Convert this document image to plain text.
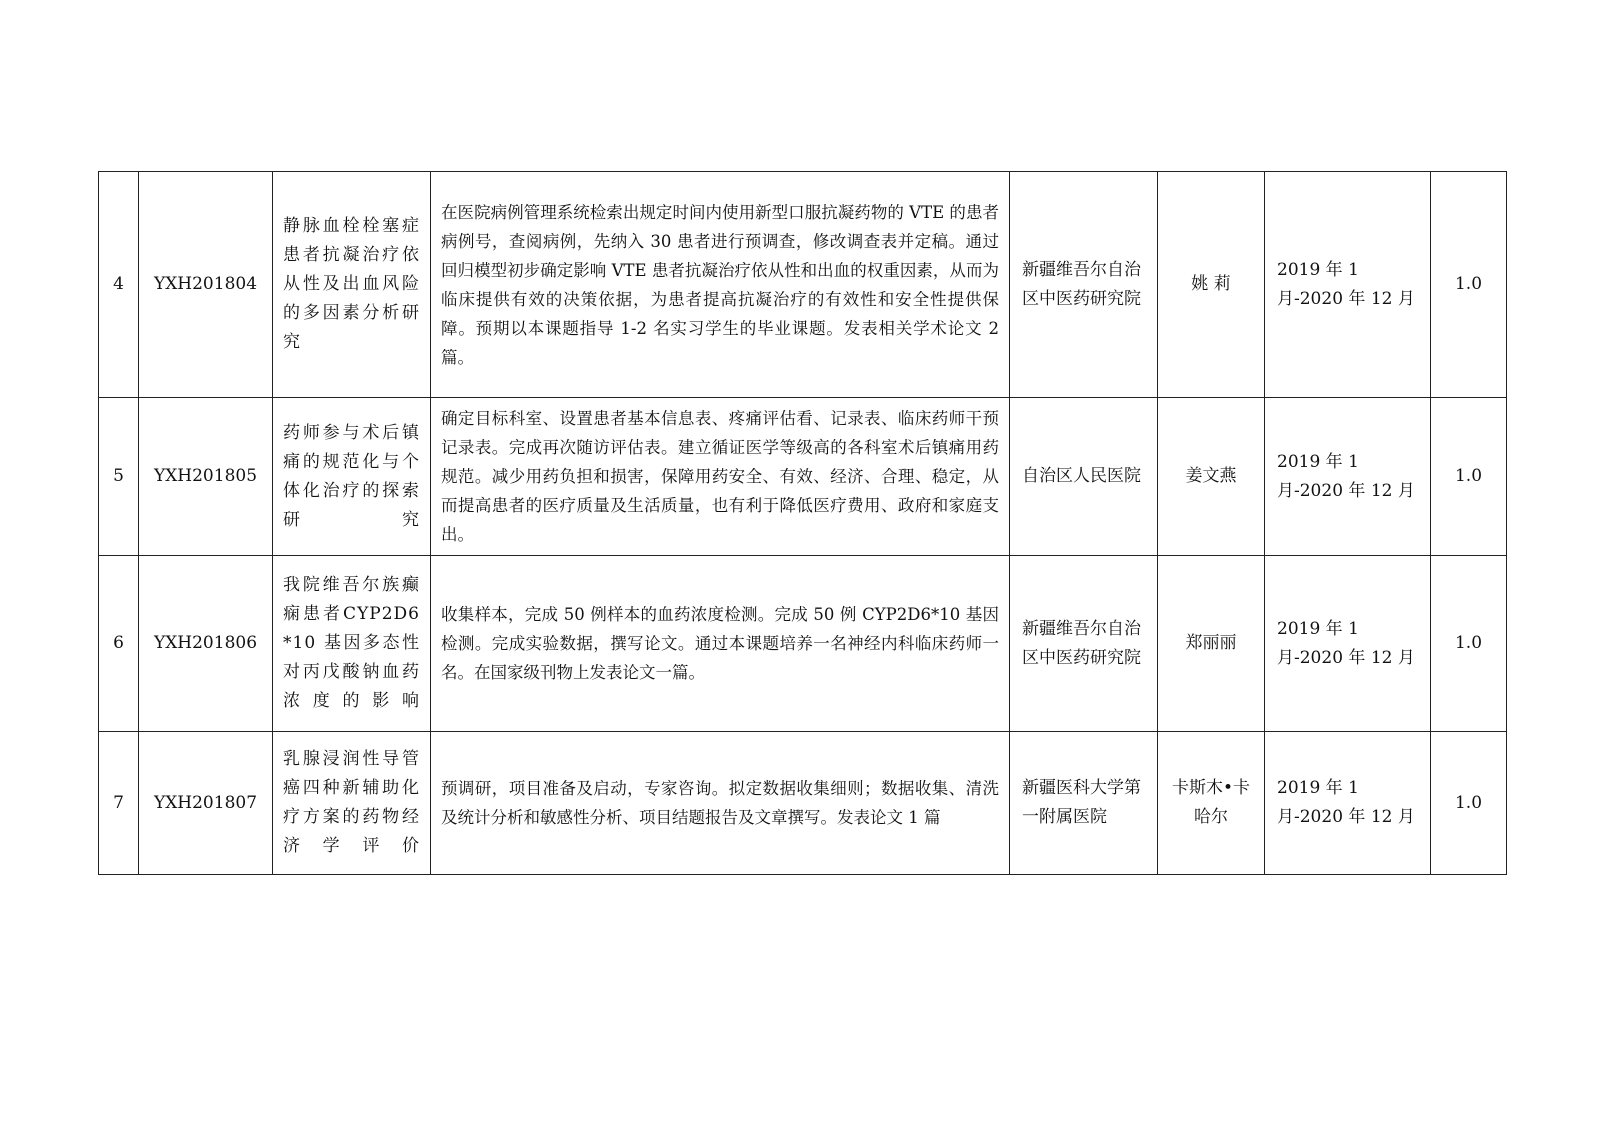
4	YXH201804	静脉血栓栓塞症患者抗凝治疗依从性及出血风险的多因素分析研究	在医院病例管理系统检索出规定时间内使用新型口服抗凝药物的 VTE 的患者病例号，查阅病例，先纳入 30 患者进行预调查，修改调查表并定稿。通过回归模型初步确定影响 VTE 患者抗凝治疗依从性和出血的权重因素，从而为临床提供有效的决策依据，为患者提高抗凝治疗的有效性和安全性提供保障。预期以本课题指导 1-2 名实习学生的毕业课题。发表相关学术论文 2 篇。	新疆维吾尔自治区中医药研究院	姚 莉	2019 年 1 月-2020 年 12 月	1.0
5	YXH201805	药师参与术后镇痛的规范化与个体化治疗的探索研究	确定目标科室、设置患者基本信息表、疼痛评估看、记录表、临床药师干预记录表。完成再次随访评估表。建立循证医学等级高的各科室术后镇痛用药规范。减少用药负担和损害，保障用药安全、有效、经济、合理、稳定，从而提高患者的医疗质量及生活质量，也有利于降低医疗费用、政府和家庭支出。	自治区人民医院	姜文燕	2019 年 1 月-2020 年 12 月	1.0
6	YXH201806	我院维吾尔族癫痫患者CYP2D6*10 基因多态性对丙戊酸钠血药浓度的影响	收集样本，完成 50 例样本的血药浓度检测。完成 50 例 CYP2D6*10 基因检测。完成实验数据，撰写论文。通过本课题培养一名神经内科临床药师一名。在国家级刊物上发表论文一篇。	新疆维吾尔自治区中医药研究院	郑丽丽	2019 年 1 月-2020 年 12 月	1.0
7	YXH201807	乳腺浸润性导管癌四种新辅助化疗方案的药物经济学评价	预调研，项目准备及启动，专家咨询。拟定数据收集细则；数据收集、清洗及统计分析和敏感性分析、项目结题报告及文章撰写。发表论文 1 篇	新疆医科大学第一附属医院	卡斯木•卡哈尔	2019 年 1 月-2020 年 12 月	1.0
